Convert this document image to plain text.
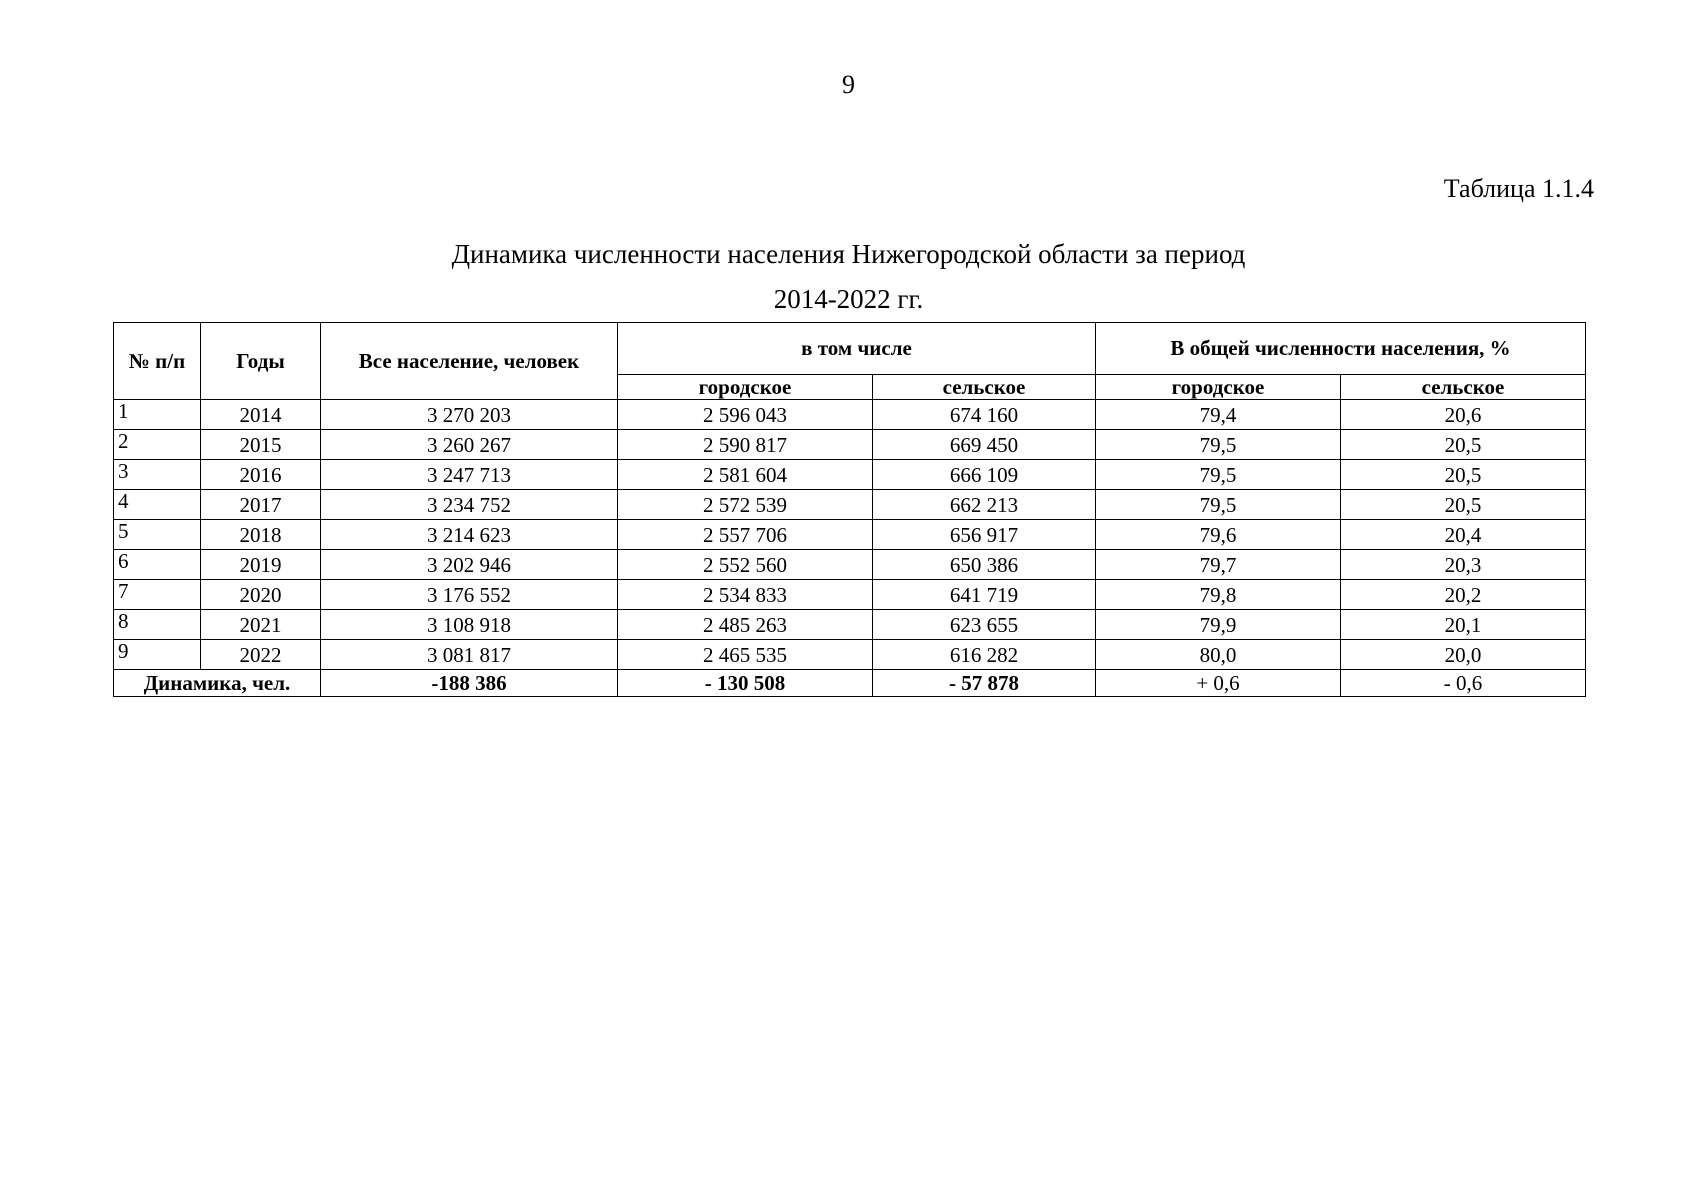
9
Таблица 1.1.4
Динамика численности населения Нижегородской области за период
2014-2022 гг.
№ п/п	Годы	Все население, человек	в том числе		В общей численности населения, %	
			городское	сельское	городское	сельское
1	2014	3 270 203	2 596 043	674 160	79,4	20,6
2	2015	3 260 267	2 590 817	669 450	79,5	20,5
3	2016	3 247 713	2 581 604	666 109	79,5	20,5
4	2017	3 234 752	2 572 539	662 213	79,5	20,5
5	2018	3 214 623	2 557 706	656 917	79,6	20,4
6	2019	3 202 946	2 552 560	650 386	79,7	20,3
7	2020	3 176 552	2 534 833	641 719	79,8	20,2
8	2021	3 108 918	2 485 263	623 655	79,9	20,1
9	2022	3 081 817	2 465 535	616 282	80,0	20,0
Динамика, чел.		-188 386	- 130 508	- 57 878	+ 0,6	- 0,6
